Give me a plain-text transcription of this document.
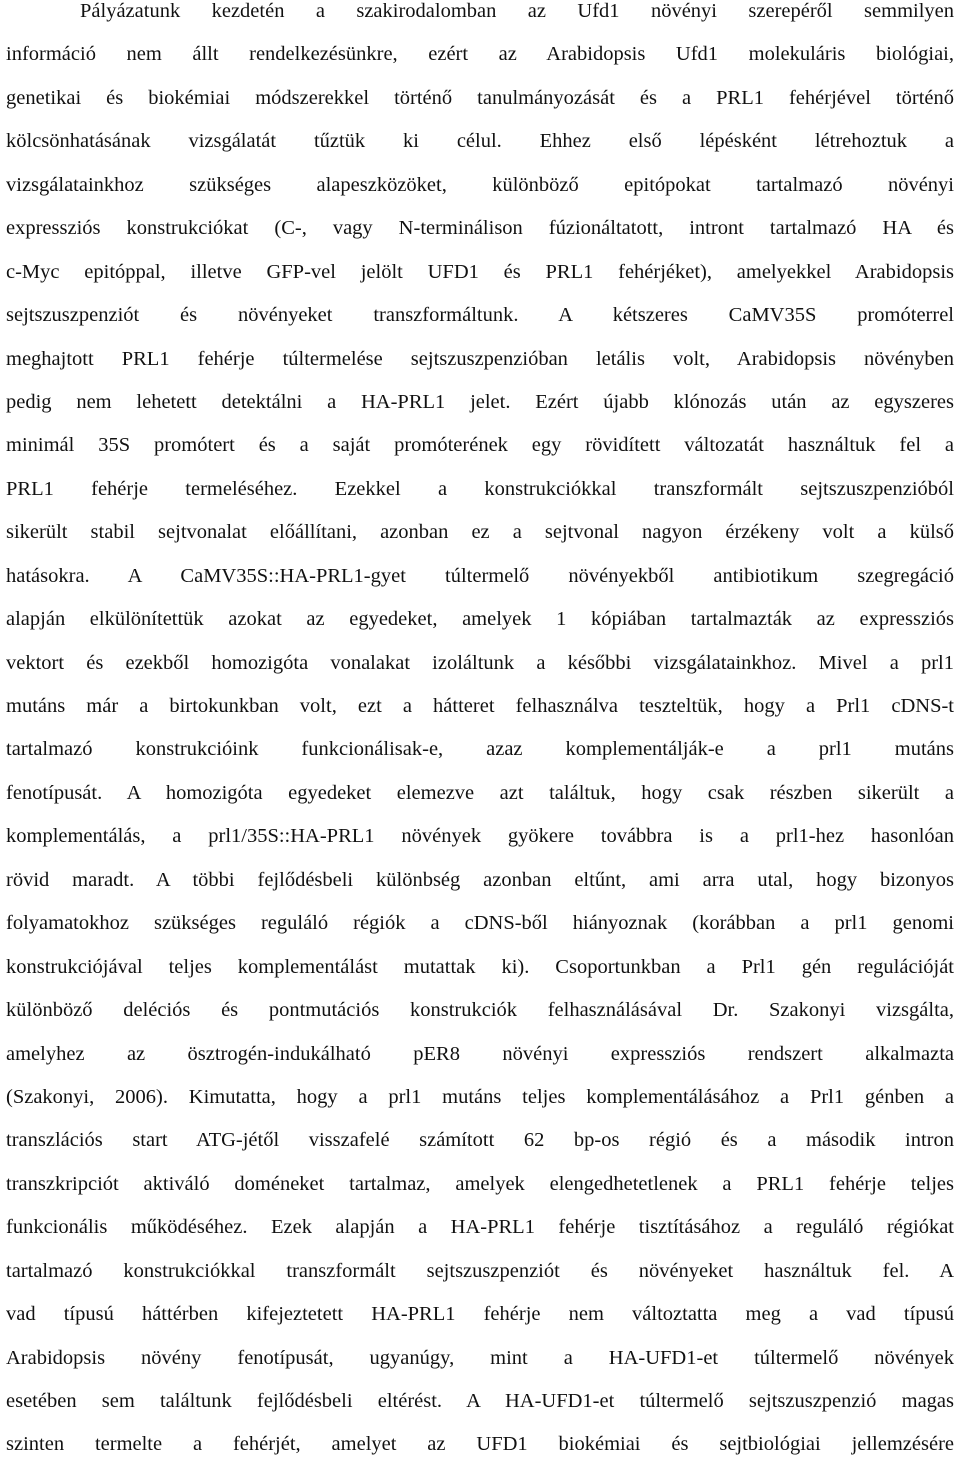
Pályázatunk kezdetén a szakirodalomban az Ufd1 növényi szerepéről semmilyen
információ nem állt rendelkezésünkre, ezért az Arabidopsis Ufd1 molekuláris biológiai,
genetikai és biokémiai módszerekkel történő tanulmányozását és a PRL1 fehérjével történő
kölcsönhatásának vizsgálatát tűztük ki célul. Ehhez első lépésként létrehoztuk a
vizsgálatainkhoz szükséges alapeszközöket, különböző epitópokat tartalmazó növényi
expressziós konstrukciókat (C-, vagy N-terminálison fúzionáltatott, intront tartalmazó HA és
c-Myc epitóppal, illetve GFP-vel jelölt UFD1 és PRL1 fehérjéket), amelyekkel Arabidopsis
sejtszuszpenziót és növényeket transzformáltunk. A kétszeres CaMV35S promóterrel
meghajtott PRL1 fehérje túltermelése sejtszuszpenzióban letális volt, Arabidopsis növényben
pedig nem lehetett detektálni a HA-PRL1 jelet. Ezért újabb klónozás után az egyszeres
minimál 35S promótert és a saját promóterének egy rövidített változatát használtuk fel a
PRL1 fehérje termeléséhez. Ezekkel a konstrukciókkal transzformált sejtszuszpenzióból
sikerült stabil sejtvonalat előállítani, azonban ez a sejtvonal nagyon érzékeny volt a külső
hatásokra. A CaMV35S::HA-PRL1-gyet túltermelő növényekből antibiotikum szegregáció
alapján elkülönítettük azokat az egyedeket, amelyek 1 kópiában tartalmazták az expressziós
vektort és ezekből homozigóta vonalakat izoláltunk a későbbi vizsgálatainkhoz. Mivel a prl1
mutáns már a birtokunkban volt, ezt a hátteret felhasználva teszteltük, hogy a Prl1 cDNS-t
tartalmazó konstrukcióink funkcionálisak-e, azaz komplementálják-e a prl1 mutáns
fenotípusát. A homozigóta egyedeket elemezve azt találtuk, hogy csak részben sikerült a
komplementálás, a prl1/35S::HA-PRL1 növények gyökere továbbra is a prl1-hez hasonlóan
rövid maradt. A többi fejlődésbeli különbség azonban eltűnt, ami arra utal, hogy bizonyos
folyamatokhoz szükséges reguláló régiók a cDNS-ből hiányoznak (korábban a prl1 genomi
konstrukciójával teljes komplementálást mutattak ki). Csoportunkban a Prl1 gén regulációját
különböző deléciós és pontmutációs konstrukciók felhasználásával Dr. Szakonyi vizsgálta,
amelyhez az ösztrogén-indukálható pER8 növényi expressziós rendszert alkalmazta
(Szakonyi, 2006). Kimutatta, hogy a prl1 mutáns teljes komplementálásához a Prl1 génben a
transzlációs start ATG-jétől visszafelé számított 62 bp-os régió és a második intron
transzkripciót aktiváló doméneket tartalmaz, amelyek elengedhetetlenek a PRL1 fehérje teljes
funkcionális működéséhez. Ezek alapján a HA-PRL1 fehérje tisztításához a reguláló régiókat
tartalmazó konstrukciókkal transzformált sejtszuszpenziót és növényeket használtuk fel. A
vad típusú háttérben kifejeztetett HA-PRL1 fehérje nem változtatta meg a vad típusú
Arabidopsis növény fenotípusát, ugyanúgy, mint a HA-UFD1-et túltermelő növények
esetében sem találtunk fejlődésbeli eltérést. A HA-UFD1-et túltermelő sejtszuszpenzió magas
szinten termelte a fehérjét, amelyet az UFD1 biokémiai és sejtbiológiai jellemzésére
